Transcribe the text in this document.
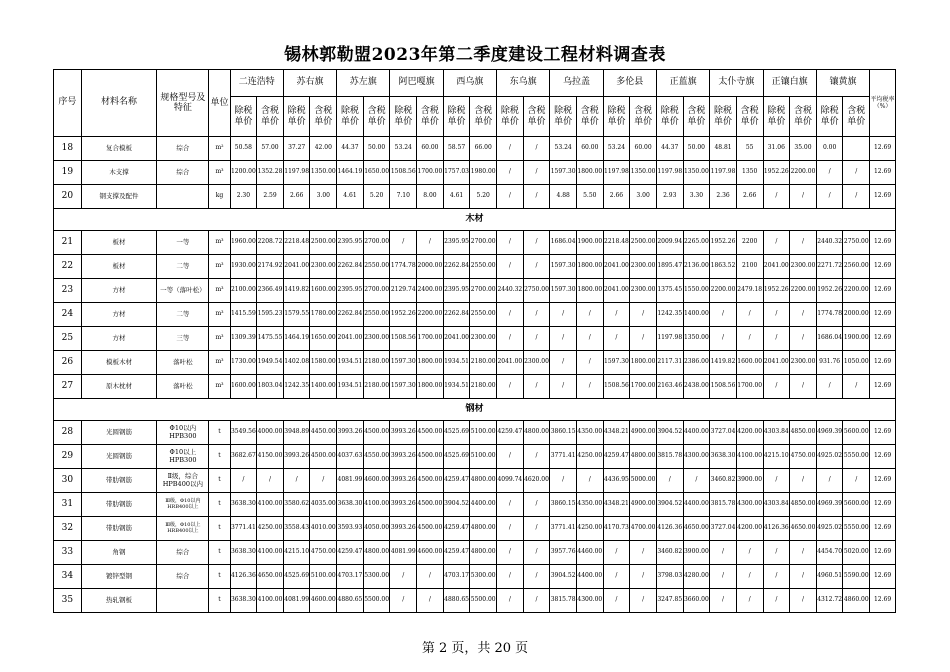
锡林郭勒盟2023年第二季度建设工程材料调查表
序号	材料名称	规格型号及特征	单位	二连浩特		苏右旗		苏左旗		阿巴嘎旗		西乌旗		东乌旗		乌拉盖		多伦县		正蓝旗		太仆寺旗		正镶白旗		镶黄旗		平均税率（%）
				除税单价	含税单价	除税单价	含税单价	除税单价	含税单价	除税单价	含税单价	除税单价	含税单价	除税单价	含税单价	除税单价	含税单价	除税单价	含税单价	除税单价	含税单价	除税单价	含税单价	除税单价	含税单价	除税单价	含税单价	
18	复合模板	综合	m²	50.58	57.00	37.27	42.00	44.37	50.00	53.24	60.00	58.57	66.00	/	/	53.24	60.00	53.24	60.00	44.37	50.00	48.81	55	31.06	35.00	0.00		12.69
19	木支撑	综合	m³	1200.00	1352.28	1197.98	1350.00	1464.19	1650.00	1508.56	1700.00	1757.03	1980.00	/	/	1597.30	1800.00	1197.98	1350.00	1197.98	1350.00	1197.98	1350	1952.26	2200.00	/	/	12.69
20	钢支撑及配件		kg	2.30	2.59	2.66	3.00	4.61	5.20	7.10	8.00	4.61	5.20	/	/	4.88	5.50	2.66	3.00	2.93	3.30	2.36	2.66	/	/	/	/	12.69
木材																												
21	板材	一等	m³	1960.00	2208.72	2218.48	2500.00	2395.95	2700.00	/	/	2395.95	2700.00	/	/	1686.04	1900.00	2218.48	2500.00	2009.94	2265.00	1952.26	2200	/	/	2440.32	2750.00	12.69
22	板材	二等	m³	1930.00	2174.92	2041.00	2300.00	2262.84	2550.00	1774.78	2000.00	2262.84	2550.00	/	/	1597.30	1800.00	2041.00	2300.00	1895.47	2136.00	1863.52	2100	2041.00	2300.00	2271.72	2560.00	12.69
23	方材	一等（落叶松）	m³	2100.00	2366.49	1419.82	1600.00	2395.95	2700.00	2129.74	2400.00	2395.95	2700.00	2440.32	2750.00	1597.30	1800.00	2041.00	2300.00	1375.45	1550.00	2200.00	2479.18	1952.26	2200.00	1952.26	2200.00	12.69
24	方材	二等	m³	1415.59	1595.23	1579.55	1780.00	2262.84	2550.00	1952.26	2200.00	2262.84	2550.00	/	/	/	/	/	/	1242.35	1400.00	/	/	/	/	1774.78	2000.00	12.69
25	方材	三等	m³	1309.39	1475.55	1464.19	1650.00	2041.00	2300.00	1508.56	1700.00	2041.00	2300.00	/	/	/	/	/	/	1197.98	1350.00	/	/	/	/	1686.04	1900.00	12.69
26	模板木材	落叶松	m³	1730.00	1949.54	1402.08	1580.00	1934.51	2180.00	1597.30	1800.00	1934.51	2180.00	2041.00	2300.00	/	/	1597.30	1800.00	2117.31	2386.00	1419.82	1600.00	2041.00	2300.00	931.76	1050.00	12.69
27	原木枕材	落叶松	m³	1600.00	1803.04	1242.35	1400.00	1934.51	2180.00	1597.30	1800.00	1934.51	2180.00	/	/	/	/	1508.56	1700.00	2163.46	2438.00	1508.56	1700.00	/	/	/	/	12.69
钢材																												
28	光圆钢筋	Φ10以内 HPB300	t	3549.56	4000.00	3948.89	4450.00	3993.26	4500.00	3993.26	4500.00	4525.69	5100.00	4259.47	4800.00	3860.15	4350.00	4348.21	4900.00	3904.52	4400.00	3727.04	4200.00	4303.84	4850.00	4969.39	5600.00	12.69
29	光圆钢筋	Φ10以上 HPB300	t	3682.67	4150.00	3993.26	4500.00	4037.63	4550.00	3993.26	4500.00	4525.69	5100.00	/	/	3771.41	4250.00	4259.47	4800.00	3815.78	4300.00	3638.30	4100.00	4215.10	4750.00	4925.02	5550.00	12.69
30	带肋钢筋	Ⅱ级，综合 HPB400以内	t	/	/	/	/	4081.99	4600.00	3993.26	4500.00	4259.47	4800.00	4099.74	4620.00	/	/	4436.95	5000.00	/	/	3460.82	3900.00	/	/	/	/	12.69
31	带肋钢筋	Ⅲ级，Φ10以内 HRB400以上	t	3638.30	4100.00	3580.62	4035.00	3638.30	4100.00	3993.26	4500.00	3904.52	4400.00	/	/	3860.15	4350.00	4348.21	4900.00	3904.52	4400.00	3815.78	4300.00	4303.84	4850.00	4969.39	5600.00	12.69
32	带肋钢筋	Ⅲ级，Φ10以上 HRB400以上	t	3771.41	4250.00	3558.43	4010.00	3593.93	4050.00	3993.26	4500.00	4259.47	4800.00	/	/	3771.41	4250.00	4170.73	4700.00	4126.36	4650.00	3727.04	4200.00	4126.36	4650.00	4925.02	5550.00	12.69
33	角钢	综合	t	3638.30	4100.00	4215.10	4750.00	4259.47	4800.00	4081.99	4600.00	4259.47	4800.00	/	/	3957.76	4460.00	/	/	3460.82	3900.00	/	/	/	/	4454.70	5020.00	12.69
34	镀锌型钢	综合	t	4126.36	4650.00	4525.69	5100.00	4703.17	5300.00	/	/	4703.17	5300.00	/	/	3904.52	4400.00	/	/	3798.03	4280.00	/	/	/	/	4960.51	5590.00	12.69
35	热轧钢板		t	3638.30	4100.00	4081.99	4600.00	4880.65	5500.00	/	/	4880.65	5500.00	/	/	3815.78	4300.00	/	/	3247.85	3660.00	/	/	/	/	4312.72	4860.00	12.69
第 2 页，共 20 页
